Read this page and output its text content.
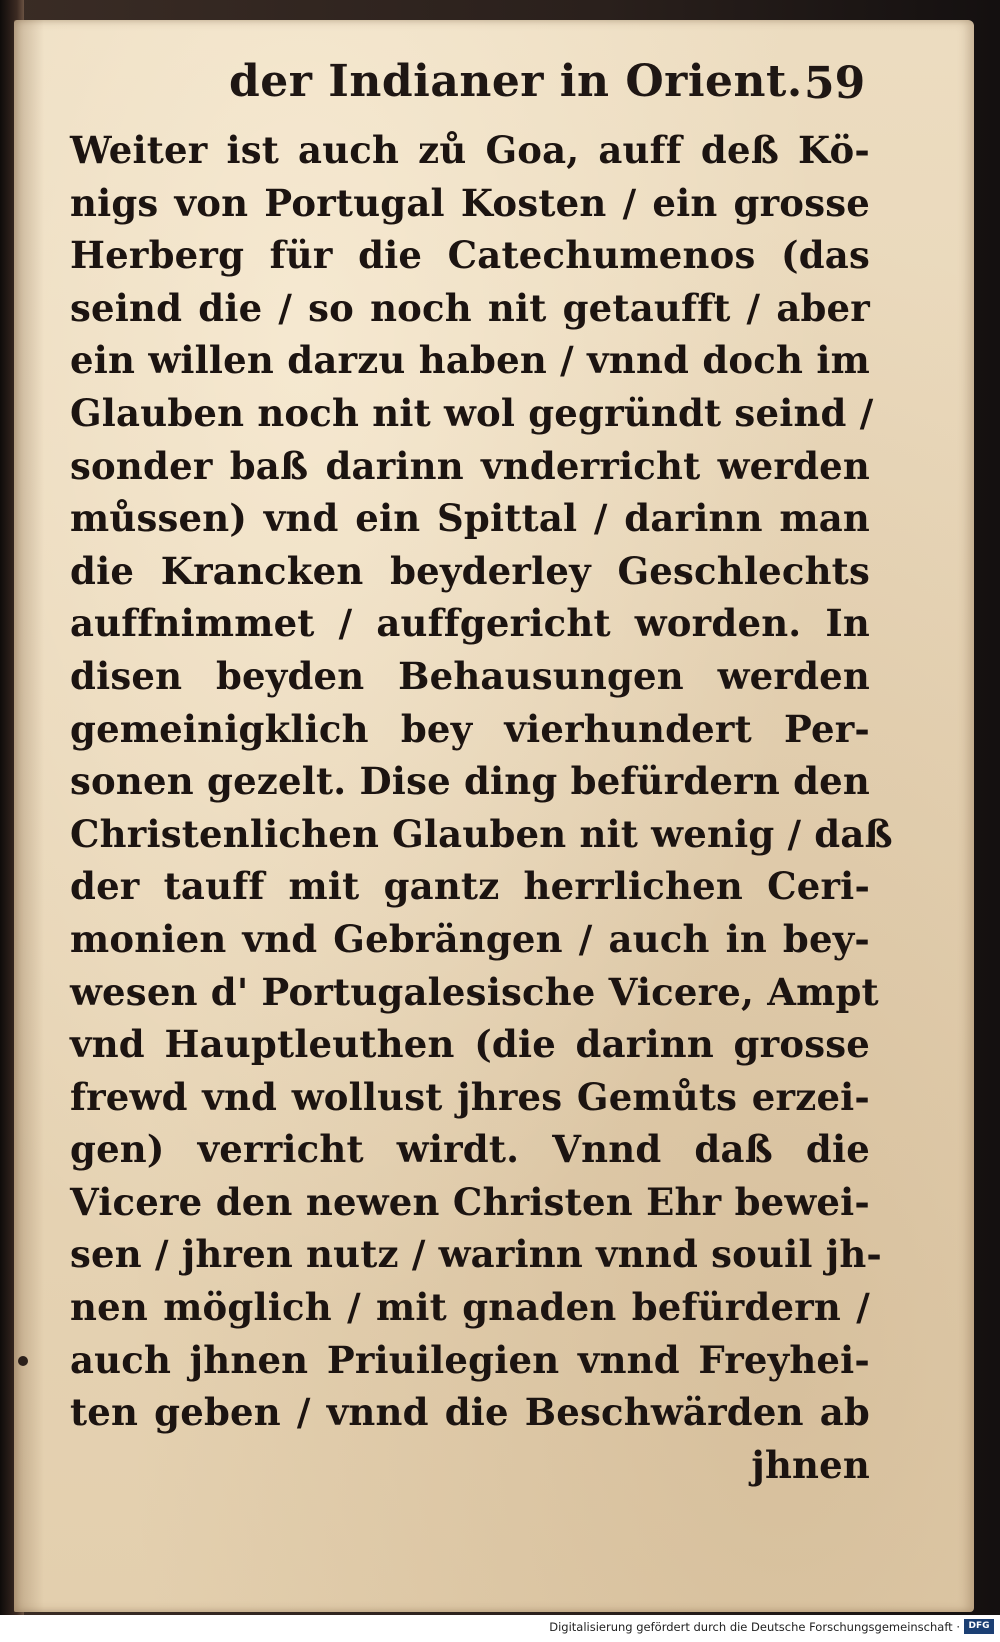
der Indianer in Orient. 59
Weiter ist auch zů Goa, auff deß Kö-
nigs von Portugal Kosten / ein grosse
Herberg für die Catechumenos (das
seind die / so noch nit getaufft / aber
ein willen darzu haben / vnnd doch im
Glauben noch nit wol gegründt seind /
sonder baß darinn vnderricht werden
můssen) vnd ein Spittal / darinn man
die Krancken beyderley Geschlechts
auffnimmet / auffgericht worden. In
disen beyden Behausungen werden
gemeinigklich bey vierhundert Per-
sonen gezelt. Dise ding befürdern den
Christenlichen Glauben nit wenig / daß
der tauff mit gantz herrlichen Ceri-
monien vnd Gebrängen / auch in bey-
wesen d' Portugalesische Vicere, Ampt
vnd Hauptleuthen (die darinn grosse
frewd vnd wollust jhres Gemůts erzei-
gen) verricht wirdt. Vnnd daß die
Vicere den newen Christen Ehr bewei-
sen / jhren nutz / warinn vnnd souil jh-
nen möglich / mit gnaden befürdern /
auch jhnen Priuilegien vnnd Freyhei-
ten geben / vnnd die Beschwärden ab
jhnen
Digitalisierung gefördert durch die Deutsche Forschungsgemeinschaft · DFG
